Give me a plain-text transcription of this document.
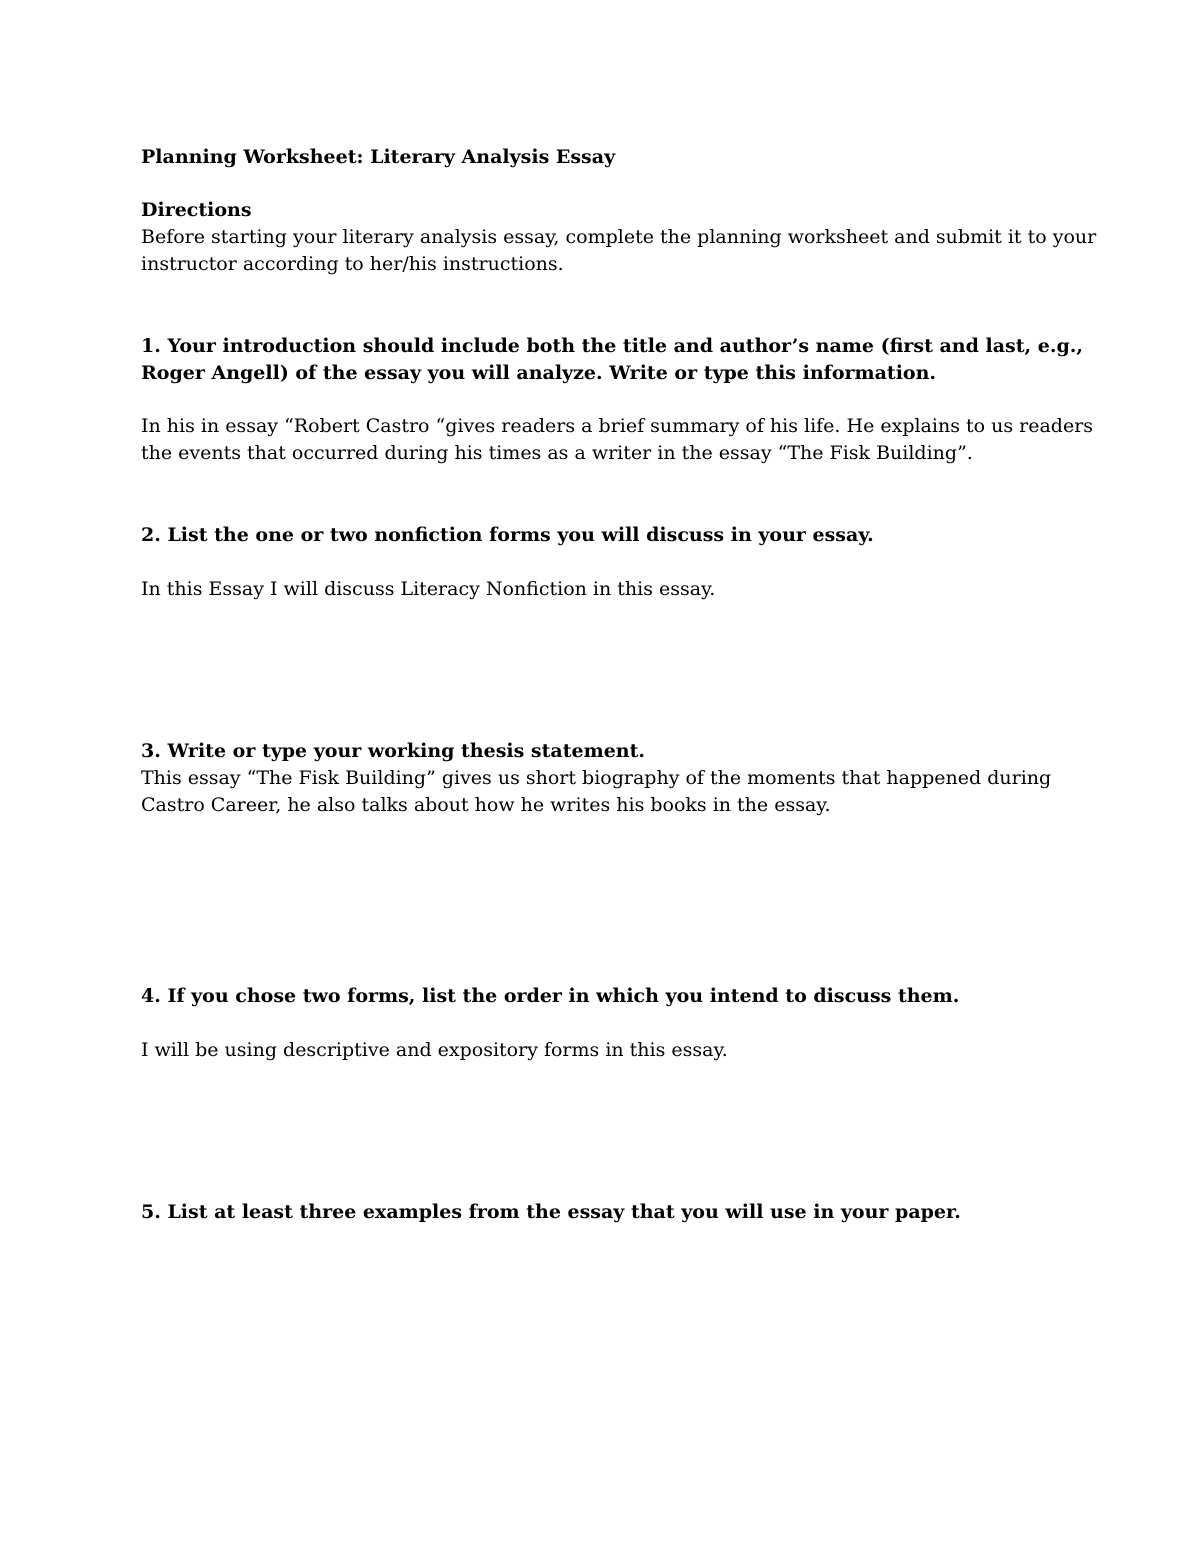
Planning Worksheet: Literary Analysis Essay
Directions
Before starting your literary analysis essay, complete the planning worksheet and submit it to your instructor according to her/his instructions.
1. Your introduction should include both the title and author’s name (first and last, e.g., Roger Angell) of the essay you will analyze. Write or type this information.
In his in essay “Robert Castro “gives readers a brief summary of his life. He explains to us readers the events that occurred during his times as a writer in the essay “The Fisk Building”.
2. List the one or two nonfiction forms you will discuss in your essay.
In this Essay I will discuss Literacy Nonfiction in this essay.
3. Write or type your working thesis statement.
This essay “The Fisk Building” gives us short biography of the moments that happened during Castro Career, he also talks about how he writes his books in the essay.
4. If you chose two forms, list the order in which you intend to discuss them.
I will be using descriptive and expository forms in this essay.
5. List at least three examples from the essay that you will use in your paper.
